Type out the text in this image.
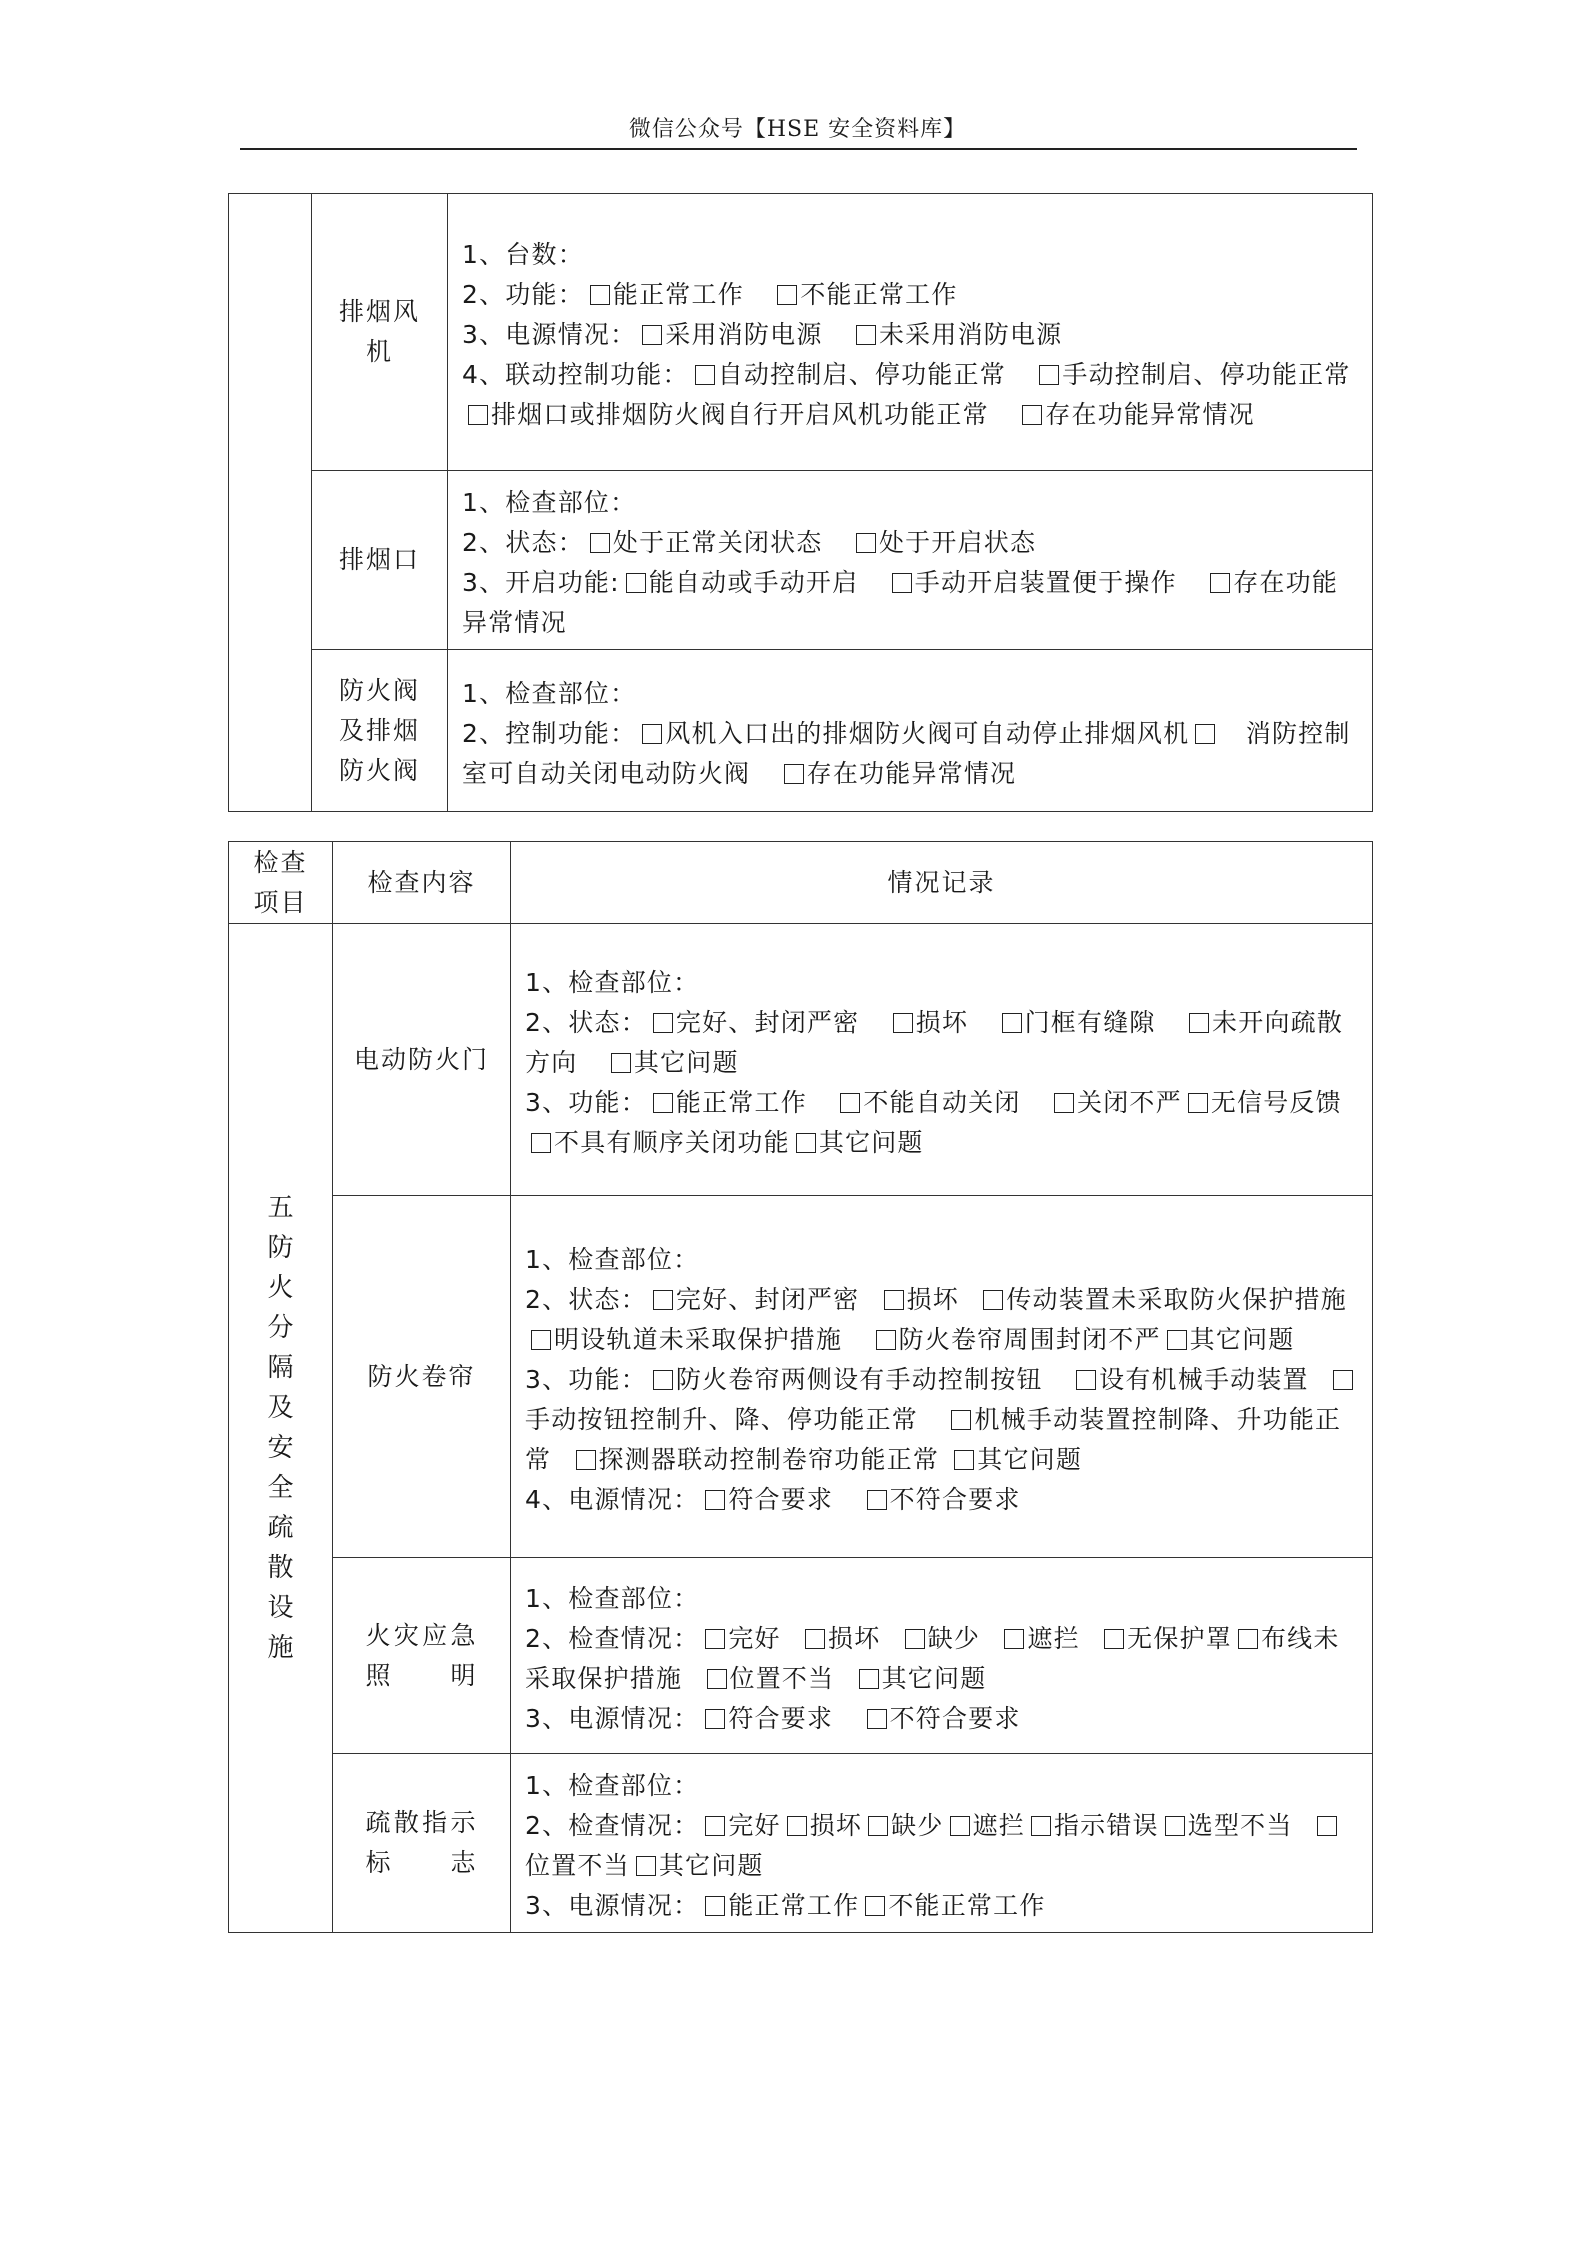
微信公众号【HSE 安全资料库】

	排烟风机	1、台数：
2、功能： 能正常工作   不能正常工作
3、电源情况： 采用消防电源   未采用消防电源
4、联动控制功能： 自动控制启、停功能正常   手动控制启、停功能正常   排烟口或排烟防火阀自行开启风机功能正常   存在功能异常情况

	排烟口	1、检查部位：
2、状态： 处于正常关闭状态   处于开启状态
3、开启功能: 能自动或手动开启   手动开启装置便于操作   存在功能异常情况

	防火阀及排烟防火阀	1、检查部位：
2、控制功能： 风机入口出的排烟防火阀可自动停止排烟风机   消防控制室可自动关闭电动防火阀   存在功能异常情况
检查项目	检查内容	情况记录

五防火分隔及安全疏散设施	电动防火门	1、检查部位：
2、状态： 完好、封闭严密   损坏   门框有缝隙   未开向疏散方向   其它问题
3、功能： 能正常工作   不能自动关闭   关闭不严 无信号反馈不具有顺序关闭功能 其它问题

	防火卷帘	1、检查部位：
2、状态： 完好、封闭严密  损坏  传动装置未采取防火保护措施明设轨道未采取保护措施   防火卷帘周围封闭不严 其它问题
3、功能： 防火卷帘两侧设有手动控制按钮   设有机械手动装置  手动按钮控制升、降、停功能正常   机械手动装置控制降、升功能正常  探测器联动控制卷帘功能正常 其它问题
4、电源情况： 符合要求   不符合要求

	火灾应急照明	1、检查部位：
2、检查情况： 完好  损坏  缺少  遮拦  无保护罩 布线未采取保护措施  位置不当  其它问题
3、电源情况： 符合要求   不符合要求

	疏散指示标志	1、检查部位：
2、检查情况： 完好 损坏 缺少 遮拦 指示错误 选型不当  位置不当 其它问题
3、电源情况： 能正常工作 不能正常工作
